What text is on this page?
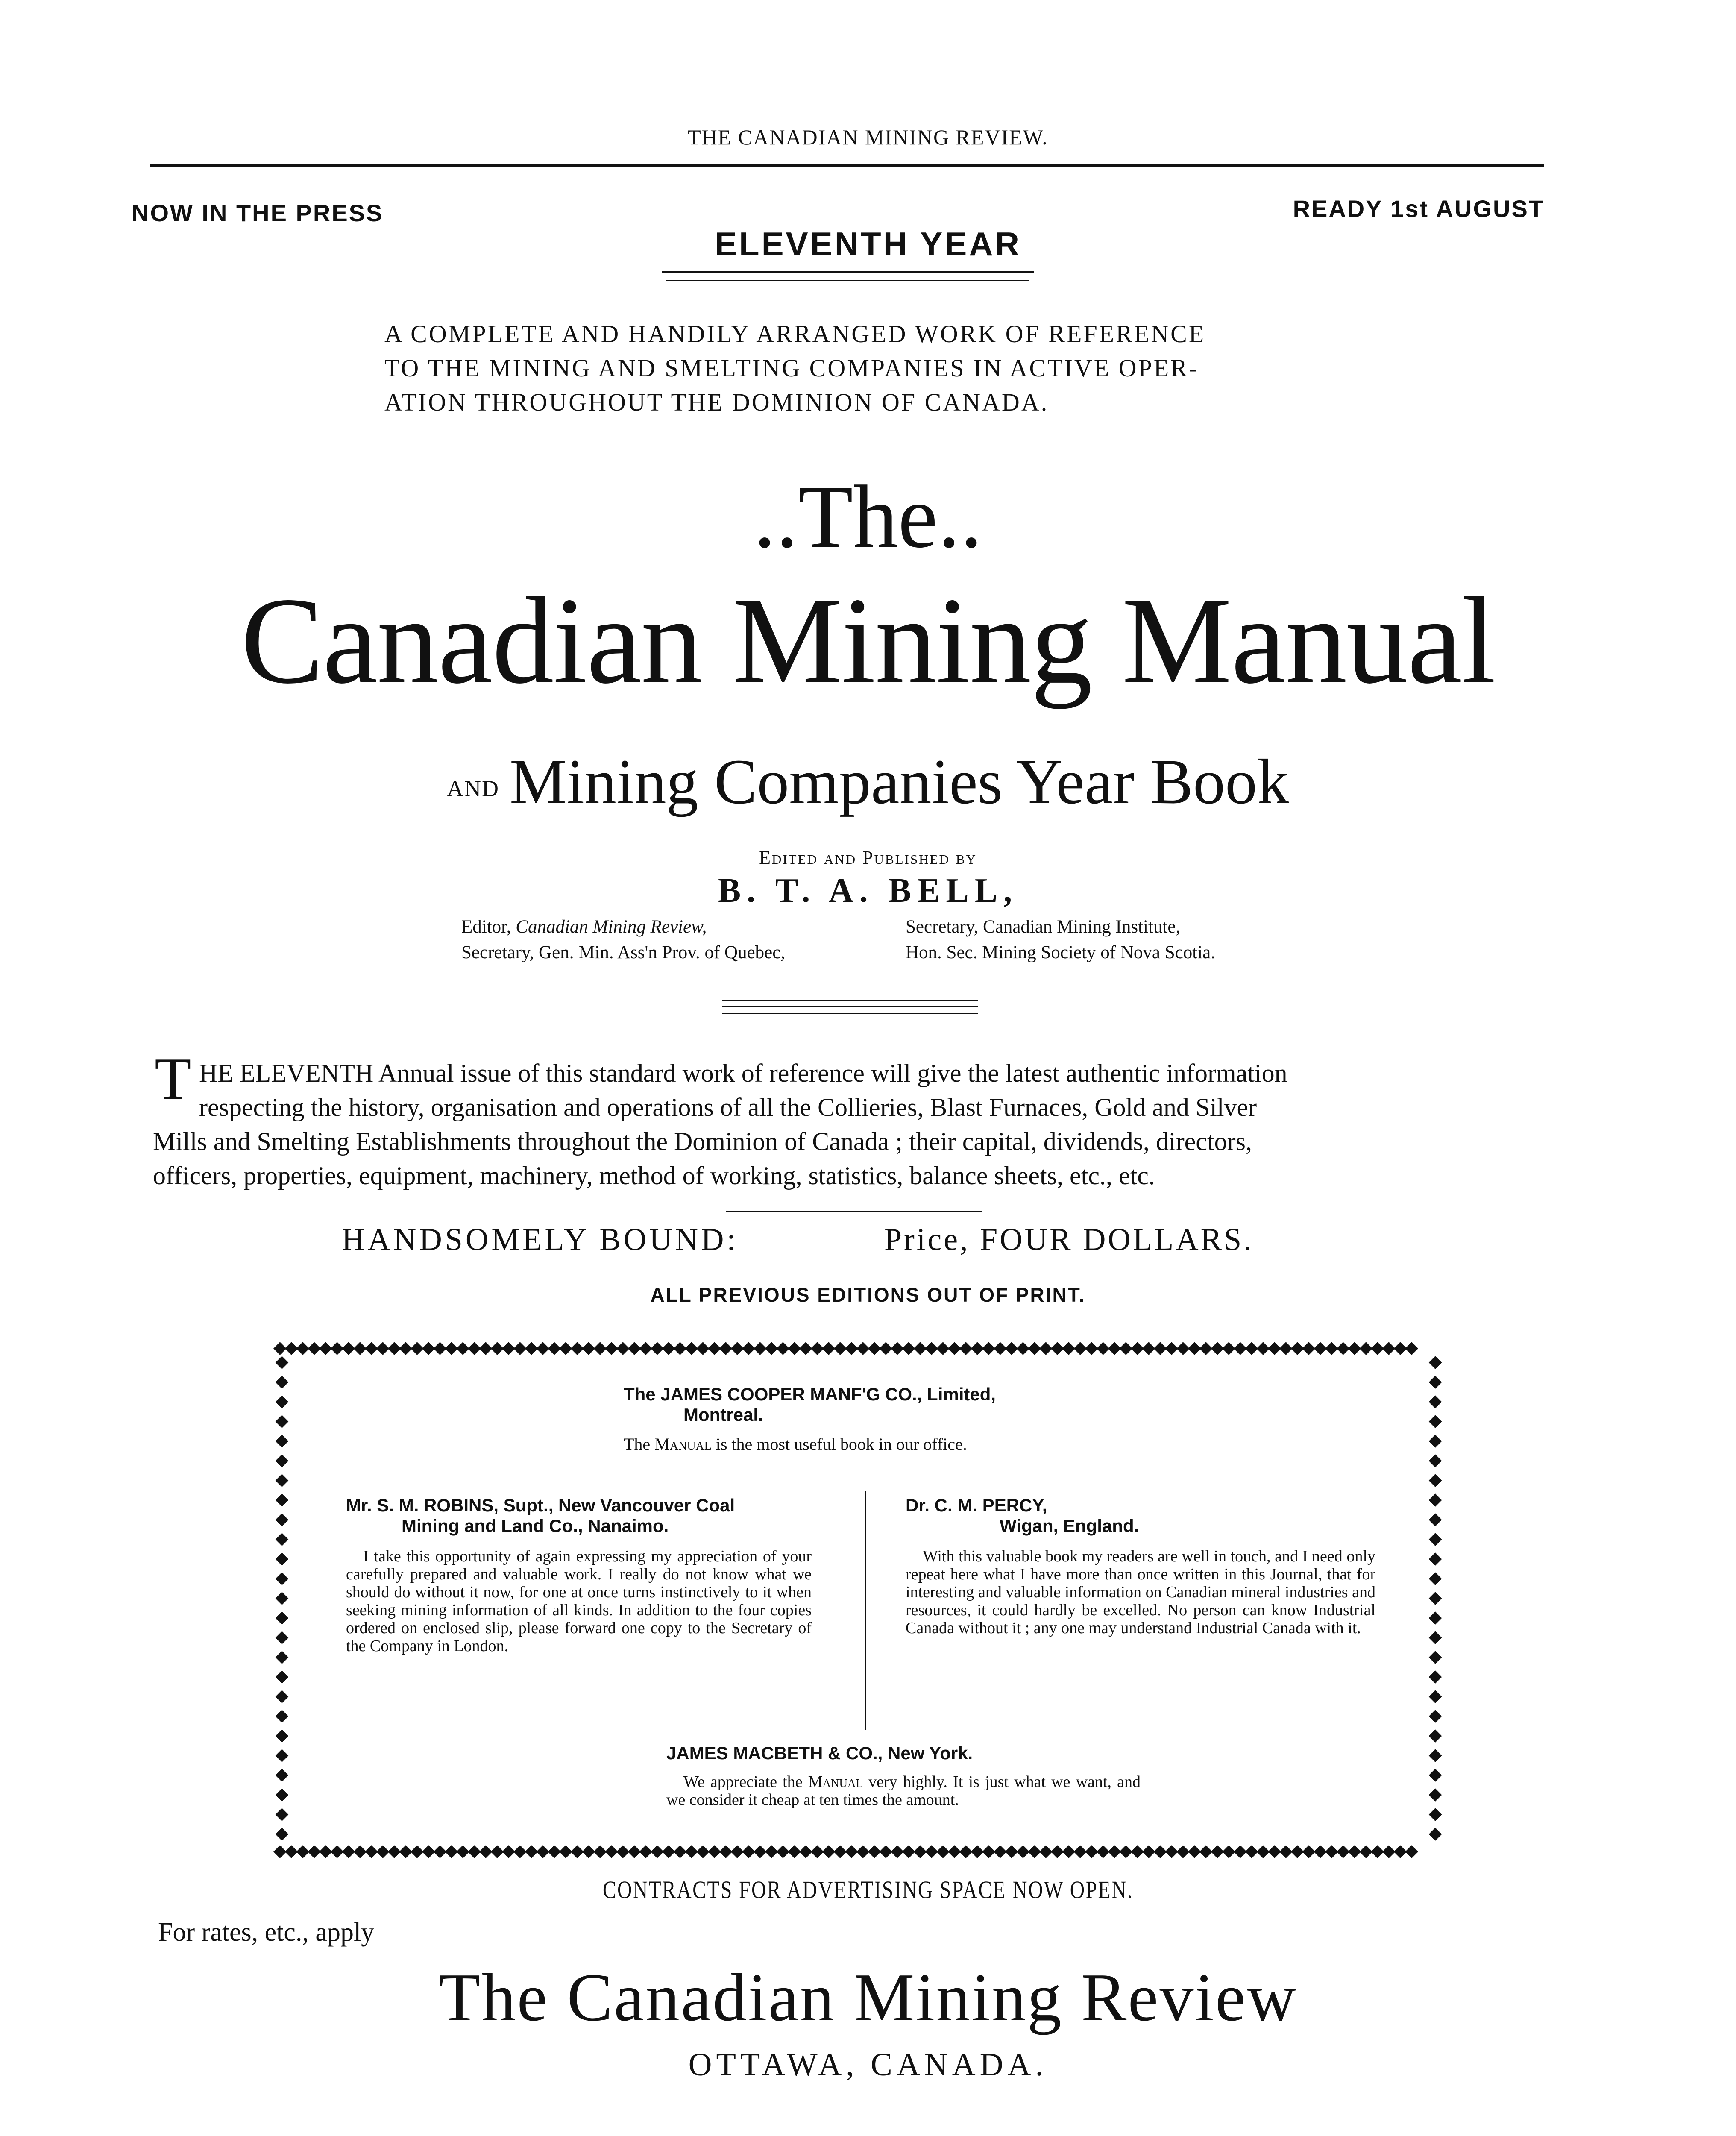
THE CANADIAN MINING REVIEW.
NOW IN THE PRESS	READY 1st AUGUST
ELEVENTH YEAR
A COMPLETE AND HANDILY ARRANGED WORK OF REFERENCE
TO THE MINING AND SMELTING COMPANIES IN ACTIVE OPER-
ATION THROUGHOUT THE DOMINION OF CANADA.
..The..
Canadian Mining Manual
AND Mining Companies Year Book
Edited and Published by
B. T. A. BELL,
Editor, Canadian Mining Review,
Secretary, Gen. Min. Ass'n Prov. of Quebec,
Secretary, Canadian Mining Institute,
Hon. Sec. Mining Society of Nova Scotia.
T HE ELEVENTH Annual issue of this standard work of reference will give the latest authentic information
respecting the history, organisation and operations of all the Collieries, Blast Furnaces, Gold and Silver
Mills and Smelting Establishments throughout the Dominion of Canada ; their capital, dividends, directors,
officers, properties, equipment, machinery, method of working, statistics, balance sheets, etc., etc.
HANDSOMELY BOUND:	Price, FOUR DOLLARS.
ALL PREVIOUS EDITIONS OUT OF PRINT.
◆◆◆◆◆◆◆◆◆◆◆◆◆◆◆◆◆◆◆◆◆◆◆◆◆◆◆◆◆◆◆◆◆◆◆◆◆◆◆◆◆◆◆◆◆◆◆◆◆◆◆◆◆◆◆◆◆◆◆◆◆◆◆◆◆◆◆◆◆◆◆◆◆◆◆◆◆◆◆◆◆◆◆◆◆◆◆◆◆◆◆◆◆◆◆◆◆◆◆◆
◆◆◆◆◆◆◆◆◆◆◆◆◆◆◆◆◆◆◆◆◆◆◆◆◆◆◆◆◆◆◆◆◆◆◆◆◆◆◆◆◆◆◆◆◆◆◆◆◆◆◆◆◆◆◆◆◆◆◆◆◆◆◆◆◆◆◆◆◆◆◆◆◆◆◆◆◆◆◆◆◆◆◆◆◆◆◆◆◆◆◆◆◆◆◆◆◆◆◆◆
◆
◆
◆
◆
◆
◆
◆
◆
◆
◆
◆
◆
◆
◆
◆
◆
◆
◆
◆
◆
◆
◆
◆
◆
◆

◆
◆
◆
◆
◆
◆
◆
◆
◆
◆
◆
◆
◆
◆
◆
◆
◆
◆
◆
◆
◆
◆
◆
◆
◆

The JAMES COOPER MANF'G CO., Limited,
Montreal.
The Manual is the most useful book in our office.
Mr. S. M. ROBINS, Supt., New Vancouver Coal
Mining and Land Co., Nanaimo.
I take this opportunity of again expressing my appreciation of your carefully prepared and valuable work. I really do not know what we should do without it now, for one at once turns instinctively to it when seeking mining information of all kinds. In addition to the four copies ordered on enclosed slip, please forward one copy to the Secretary of the Company in London.
Dr. C. M. PERCY,
Wigan, England.
With this valuable book my readers are well in touch, and I need only repeat here what I have more than once written in this Journal, that for interesting and valuable information on Canadian mineral industries and resources, it could hardly be excelled. No person can know Industrial Canada without it ; any one may understand Industrial Canada with it.
JAMES MACBETH & CO., New York.
We appreciate the Manual very highly. It is just what we want, and we consider it cheap at ten times the amount.
CONTRACTS FOR ADVERTISING SPACE NOW OPEN.
For rates, etc., apply
The Canadian Mining Review
OTTAWA, CANADA.
